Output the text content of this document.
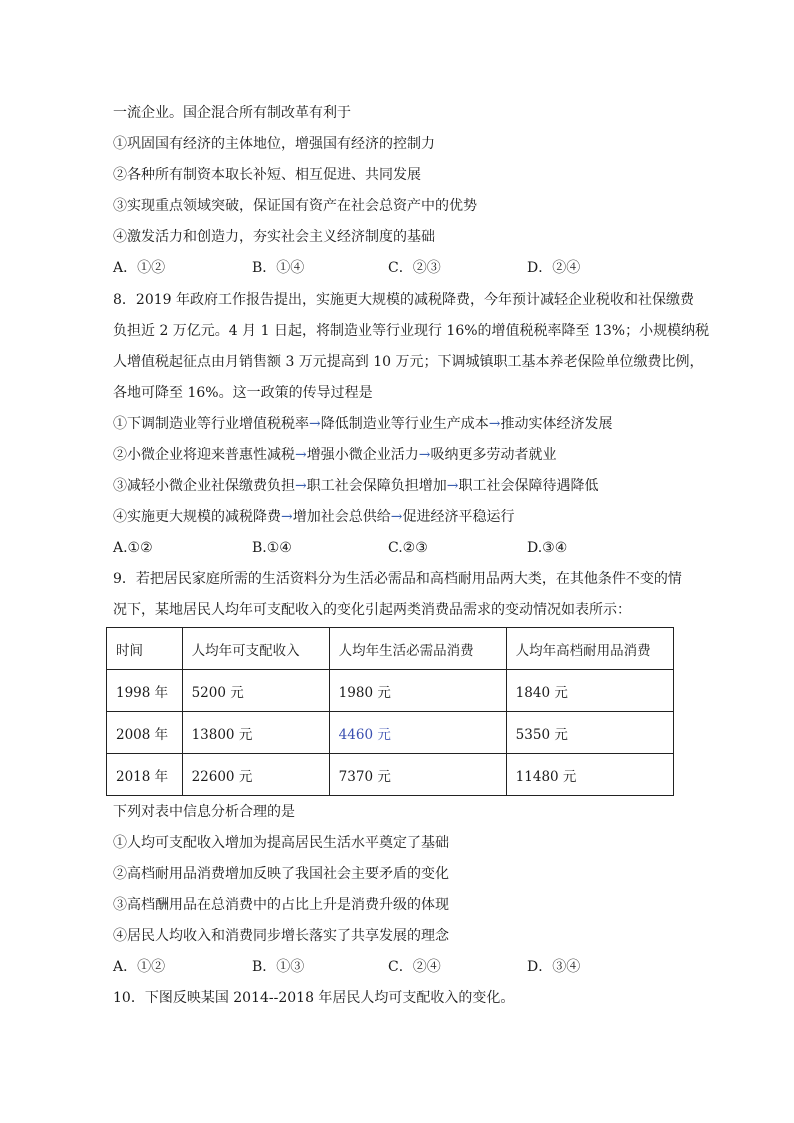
一流企业。国企混合所有制改革有利于
①巩固国有经济的主体地位，增强国有经济的控制力
②各种所有制资本取长补短、相互促进、共同发展
③实现重点领域突破，保证国有资产在社会总资产中的优势
④激发活力和创造力，夯实社会主义经济制度的基础
A．①②	B．①④	C．②③	D．②④
8．2019 年政府工作报告提出，实施更大规模的减税降费，今年预计减轻企业税收和社保缴费
负担近 2 万亿元。4 月 1 日起，将制造业等行业现行 16%的增值税税率降至 13%；小规模纳税
人增值税起征点由月销售额 3 万元提高到 10 万元；下调城镇职工基本养老保险单位缴费比例，
各地可降至 16%。这一政策的传导过程是
①下调制造业等行业增值税税率→降低制造业等行业生产成本→推动实体经济发展
②小微企业将迎来普惠性减税→增强小微企业活力→吸纳更多劳动者就业
③减轻小微企业社保缴费负担→职工社会保障负担增加→职工社会保障待遇降低
④实施更大规模的减税降费→增加社会总供给→促进经济平稳运行
A.①②	B.①④	C.②③	D.③④
9．若把居民家庭所需的生活资料分为生活必需品和高档耐用品两大类，在其他条件不变的情
况下，某地居民人均年可支配收入的变化引起两类消费品需求的变动情况如表所示：
时间	人均年可支配收入	人均年生活必需品消费	人均年高档耐用品消费
1998 年	5200 元	1980 元	1840 元
2008 年	13800 元	4460 元	5350 元
2018 年	22600 元	7370 元	11480 元
下列对表中信息分析合理的是
①人均可支配收入增加为提高居民生活水平奠定了基础
②高档耐用品消费增加反映了我国社会主要矛盾的变化
③高档酬用品在总消费中的占比上升是消费升级的体现
④居民人均收入和消费同步增长落实了共享发展的理念
A．①②	B．①③	C．②④	D．③④
10．下图反映某国 2014--2018 年居民人均可支配收入的变化。
